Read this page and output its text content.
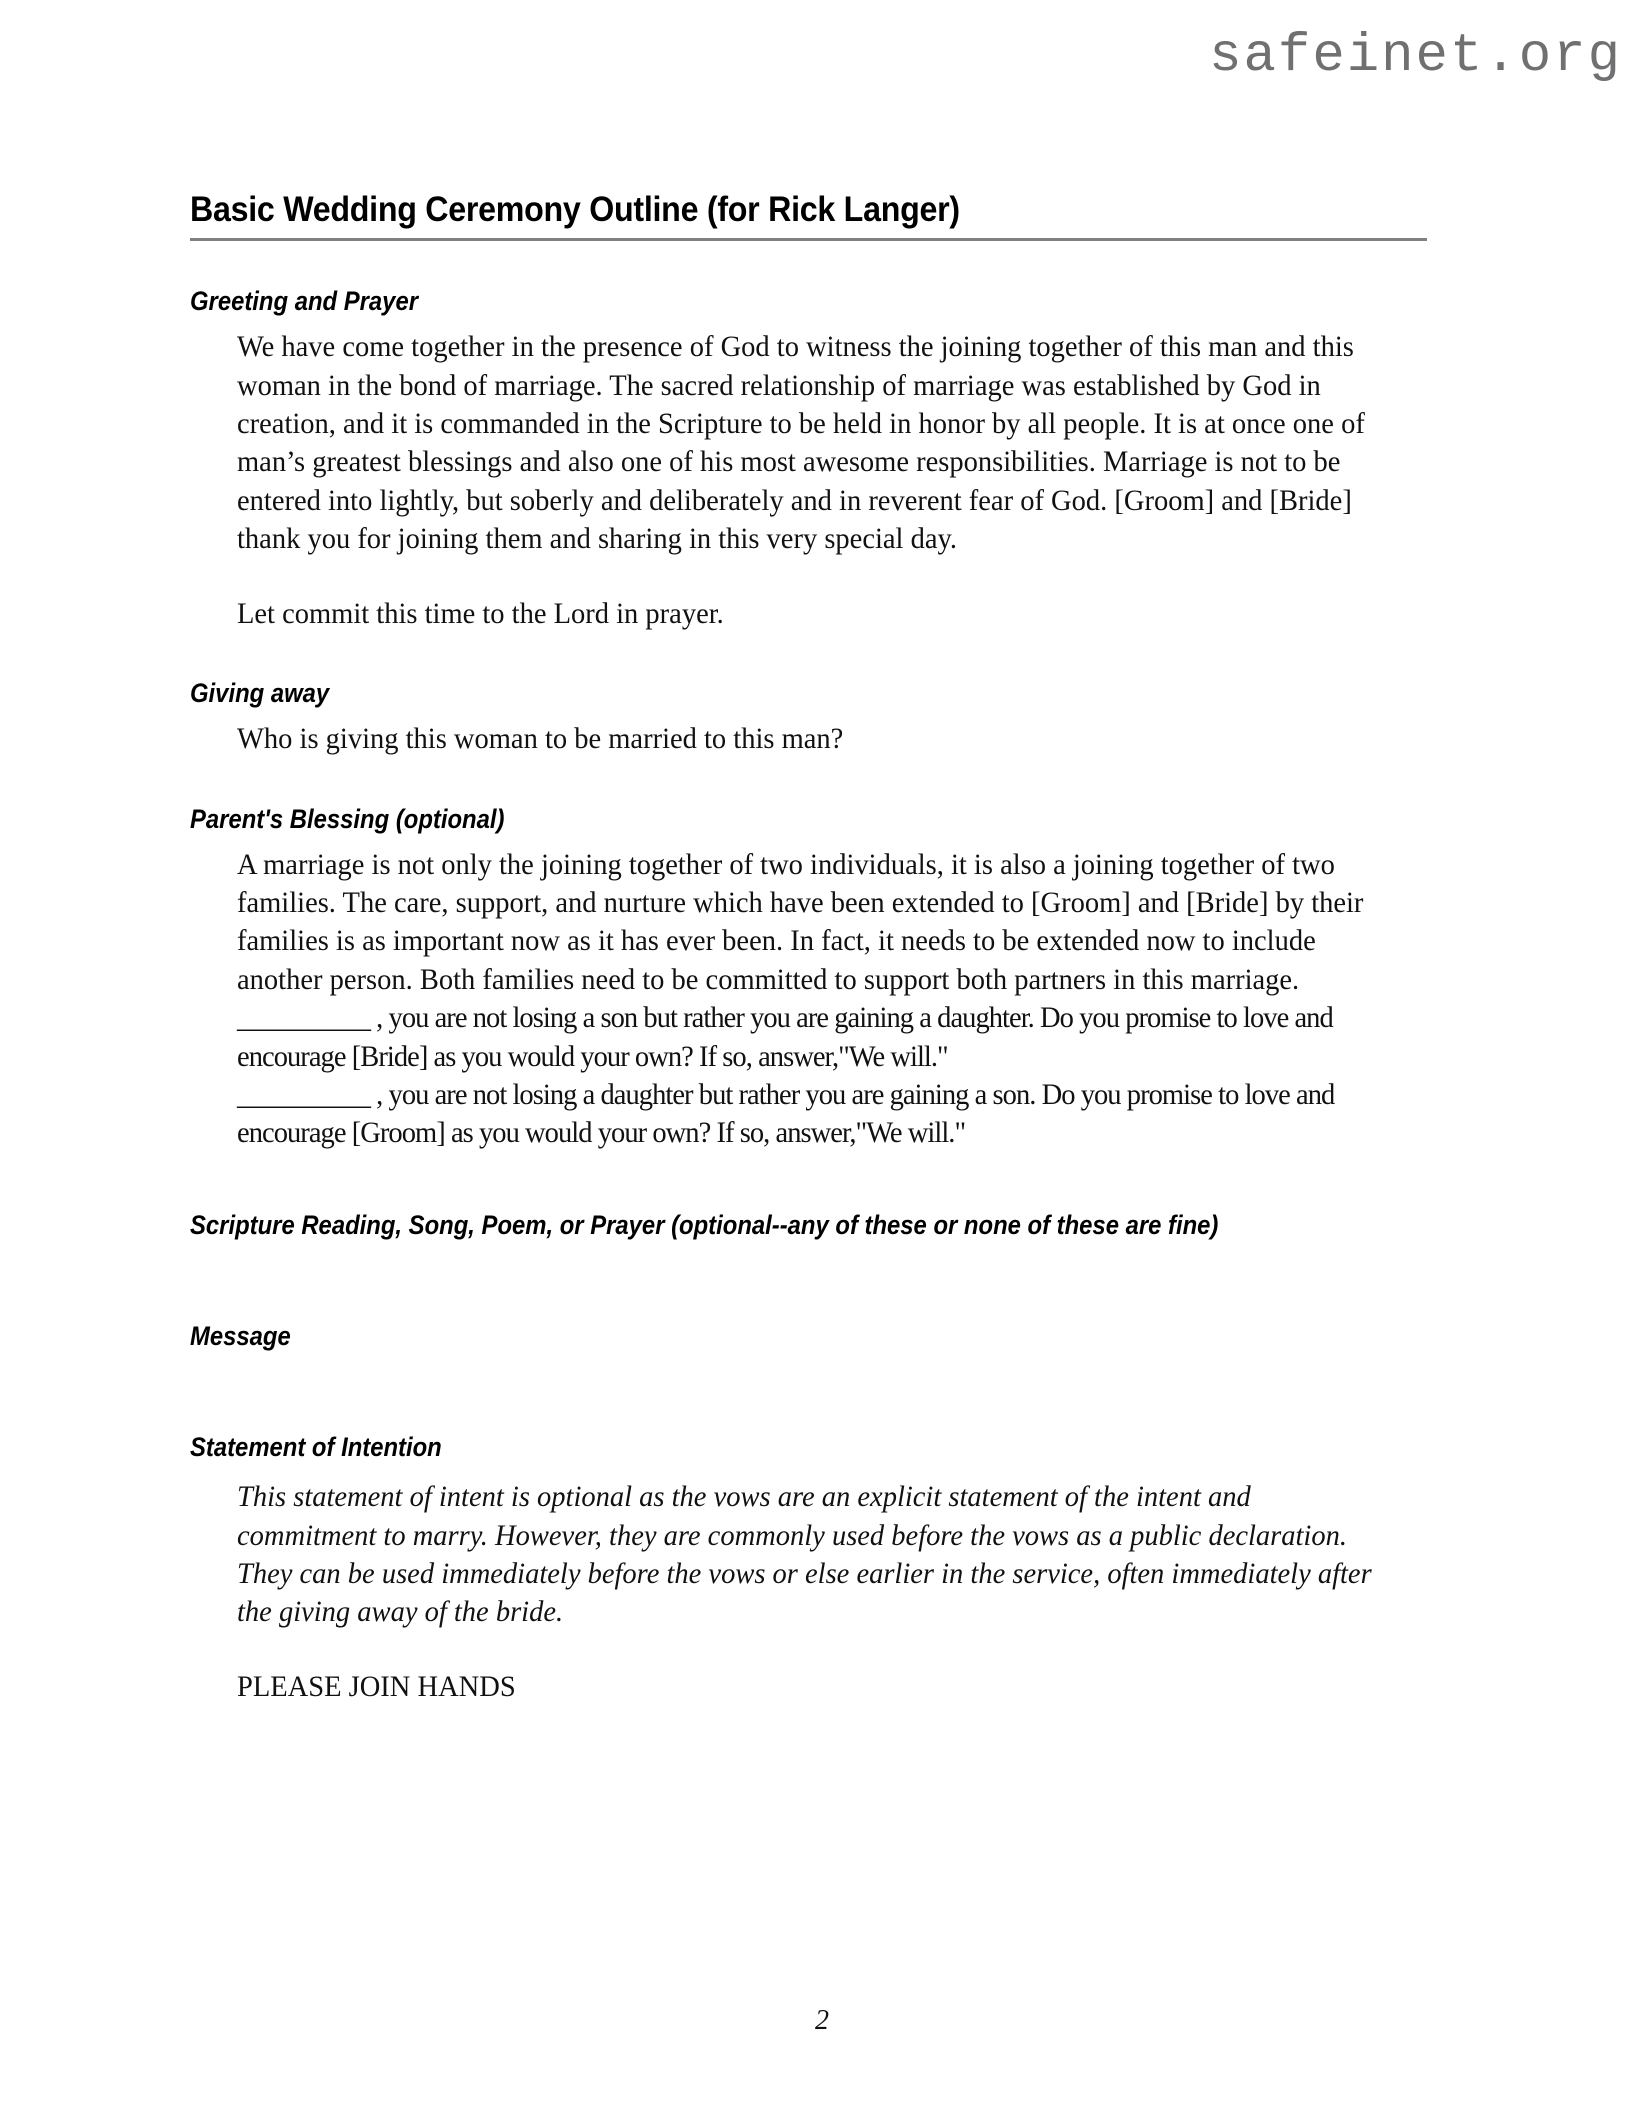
safeinet.org
Basic Wedding Ceremony Outline (for Rick Langer)
Greeting and Prayer
We have come together in the presence of God to witness the joining together of this man and this woman in the bond of marriage. The sacred relationship of marriage was established by God in creation, and it is commanded in the Scripture to be held in honor by all people. It is at once one of man’s greatest blessings and also one of his most awesome responsibilities. Marriage is not to be entered into lightly, but soberly and deliberately and in reverent fear of God. [Groom] and [Bride] thank you for joining them and sharing in this very special day.
Let commit this time to the Lord in prayer.
Giving away
Who is giving this woman to be married to this man?
Parent's Blessing (optional)
A marriage is not only the joining together of two individuals, it is also a joining together of two families. The care, support, and nurture which have been extended to [Groom] and [Bride] by their families is as important now as it has ever been. In fact, it needs to be extended now to include another person. Both families need to be committed to support both partners in this marriage.
__________ , you are not losing a son but rather you are gaining a daughter. Do you promise to love and encourage [Bride] as you would your own? If so, answer,"We will."
__________ , you are not losing a daughter but rather you are gaining a son. Do you promise to love and encourage [Groom] as you would your own? If so, answer,"We will."
Scripture Reading, Song, Poem, or Prayer (optional--any of these or none of these are fine)
Message
Statement of Intention
This statement of intent is optional as the vows are an explicit statement of the intent and commitment to marry. However, they are commonly used before the vows as a public declaration. They can be used immediately before the vows or else earlier in the service, often immediately after the giving away of the bride.
PLEASE JOIN HANDS
2
